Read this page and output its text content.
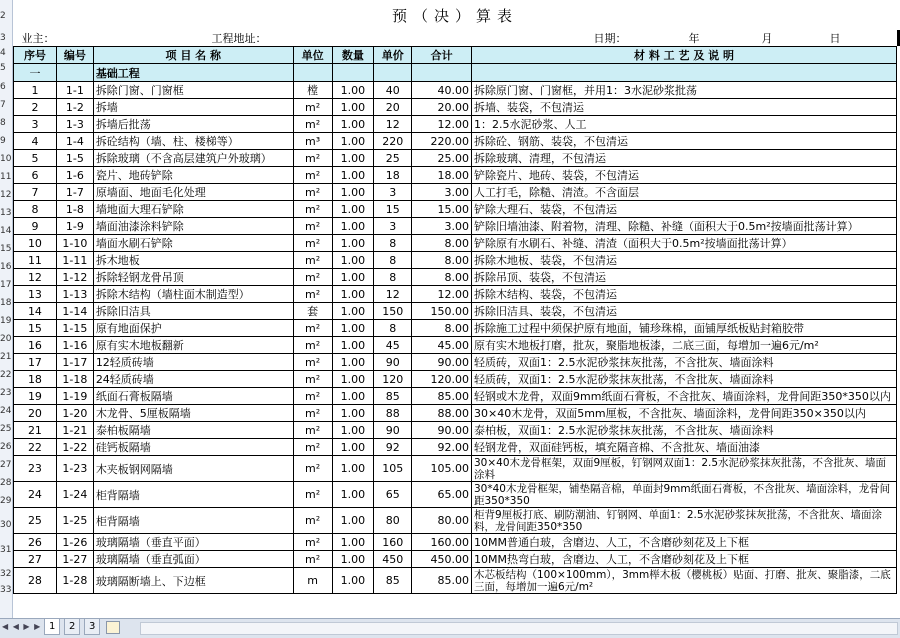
2
3
4
5
6
7
8
9
10
11
12
13
14
15
16
17
18
19
20
21
22
23
24
25
26
27
28
29
30
31
32
33
预（决）算表							
业主： 工程地址：							日期： 年 月 日
序号	编号	项 目 名 称	单位	数量	单价	合计	材 料 工 艺 及 说 明
一		基础工程					
1	1-1	拆除门窗、门窗框	樘	1.00	40	40.00	拆除原门窗、门窗框，并用1：3水泥砂浆批荡
2	1-2	拆墙	m²	1.00	20	20.00	拆墙、装袋，不包清运
3	1-3	拆墙后批荡	m²	1.00	12	12.00	1：2.5水泥砂浆、人工
4	1-4	拆砼结构（墙、柱、楼梯等）	m³	1.00	220	220.00	拆除砼、钢筋、装袋，不包清运
5	1-5	拆除玻璃（不含高层建筑户外玻璃）	m²	1.00	25	25.00	拆除玻璃、清理，不包清运
6	1-6	瓷片、地砖铲除	m²	1.00	18	18.00	铲除瓷片、地砖、装袋，不包清运
7	1-7	原墙面、地面毛化处理	m²	1.00	3	3.00	人工打毛，除糙、清渣。不含面层
8	1-8	墙地面大理石铲除	m²	1.00	15	15.00	铲除大理石、装袋，不包清运
9	1-9	墙面油漆涂料铲除	m²	1.00	3	3.00	铲除旧墙油漆、附着物，清理、除糙、补缝（面积大于0.5m²按墙面批荡计算）
10	1-10	墙面水刷石铲除	m²	1.00	8	8.00	铲除原有水刷石、补缝、清渣（面积大于0.5m²按墙面批荡计算）
11	1-11	拆木地板	m²	1.00	8	8.00	拆除木地板、装袋，不包清运
12	1-12	拆除轻钢龙骨吊顶	m²	1.00	8	8.00	拆除吊顶、装袋，不包清运
13	1-13	拆除木结构（墙柱面木制造型）	m²	1.00	12	12.00	拆除木结构、装袋，不包清运
14	1-14	拆除旧洁具	套	1.00	150	150.00	拆除旧洁具、装袋，不包清运
15	1-15	原有地面保护	m²	1.00	8	8.00	拆除施工过程中须保护原有地面，铺珍珠棉，面铺厚纸板贴封箱胶带
16	1-16	原有实木地板翻新	m²	1.00	45	45.00	原有实木地板打磨，批灰，聚脂地板漆，二底三面，每增加一遍6元/m²
17	1-17	12轻质砖墙	m²	1.00	90	90.00	轻质砖，双面1：2.5水泥砂浆抹灰批荡，不含批灰、墙面涂料
18	1-18	24轻质砖墙	m²	1.00	120	120.00	轻质砖，双面1：2.5水泥砂浆抹灰批荡，不含批灰、墙面涂料
19	1-19	纸面石膏板隔墙	m²	1.00	85	85.00	轻钢或木龙骨，双面9mm纸面石膏板，不含批灰、墙面涂料，龙骨间距350*350以内
20	1-20	木龙骨、5厘板隔墙	m²	1.00	88	88.00	30×40木龙骨，双面5mm厘板，不含批灰、墙面涂料，龙骨间距350×350以内
21	1-21	泰柏板隔墙	m²	1.00	90	90.00	泰柏板，双面1：2.5水泥砂浆抹灰批荡，不含批灰、墙面涂料
22	1-22	硅钙板隔墙	m²	1.00	92	92.00	轻钢龙骨，双面硅钙板，填充隔音棉、不含批灰、墙面油漆
23	1-23	木夹板钢网隔墙	m²	1.00	105	105.00	30×40木龙骨框架，双面9厘板，钉钢网双面1：2.5水泥砂浆抹灰批荡，不含批灰、墙面涂料
24	1-24	柜背隔墙	m²	1.00	65	65.00	30*40木龙骨框架，铺垫隔音棉，单面封9mm纸面石膏板，不含批灰、墙面涂料，龙骨间距350*350
25	1-25	柜背隔墙	m²	1.00	80	80.00	柜背9厘板打底、刷防潮油、钉钢网、单面1：2.5水泥砂浆抹灰批荡，不含批灰、墙面涂料，龙骨间距350*350
26	1-26	玻璃隔墙（垂直平面）	m²	1.00	160	160.00	10MM普通白玻，含磨边、人工，不含磨砂刻花及上下框
27	1-27	玻璃隔墙（垂直弧面）	m²	1.00	450	450.00	10MM热弯白玻，含磨边、人工，不含磨砂刻花及上下框
28	1-28	玻璃隔断墙上、下边框	m	1.00	85	85.00	木芯板结构（100×100mm），3mm榉木板（樱桃板）贴面、打磨、批灰、聚脂漆，二底三面，每增加一遍6元/m²
◀ ◀ ▶ ▶ 1	2	3
